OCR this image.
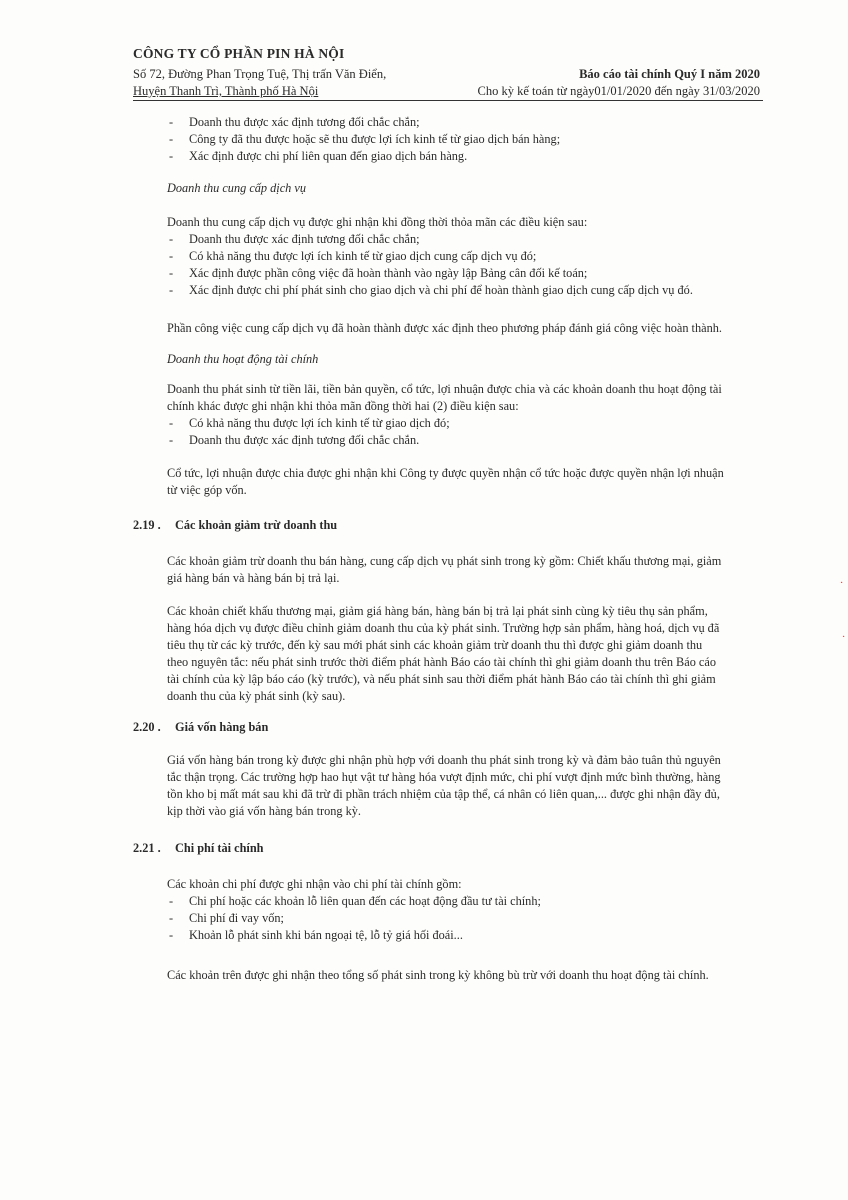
CÔNG TY CỔ PHẦN PIN HÀ NỘI
Số 72, Đường Phan Trọng Tuệ, Thị trấn Văn Điển,
Huyện Thanh Trì, Thành phố Hà Nội
Báo cáo tài chính Quý I năm 2020
Cho kỳ kế toán từ ngày01/01/2020 đến ngày 31/03/2020
- Doanh thu được xác định tương đối chắc chắn;
- Công ty đã thu được hoặc sẽ thu được lợi ích kinh tế từ giao dịch bán hàng;
- Xác định được chi phí liên quan đến giao dịch bán hàng.
Doanh thu cung cấp dịch vụ

Doanh thu cung cấp dịch vụ được ghi nhận khi đồng thời thỏa mãn các điều kiện sau:

- Doanh thu được xác định tương đối chắc chắn;
- Có khả năng thu được lợi ích kinh tế từ giao dịch cung cấp dịch vụ đó;
- Xác định được phần công việc đã hoàn thành vào ngày lập Bảng cân đối kế toán;
- Xác định được chi phí phát sinh cho giao dịch và chi phí để hoàn thành giao dịch cung cấp dịch vụ đó.
Phần công việc cung cấp dịch vụ đã hoàn thành được xác định theo phương pháp đánh giá công việc hoàn thành.
Doanh thu hoạt động tài chính

Doanh thu phát sinh từ tiền lãi, tiền bản quyền, cổ tức, lợi nhuận được chia và các khoản doanh thu hoạt động tài

chính khác được ghi nhận khi thỏa mãn đồng thời hai (2) điều kiện sau:

- Có khả năng thu được lợi ích kinh tế từ giao dịch đó;
- Doanh thu được xác định tương đối chắc chắn.

Cổ tức, lợi nhuận được chia được ghi nhận khi Công ty được quyền nhận cổ tức hoặc được quyền nhận lợi nhuận

từ việc góp vốn.

2.19 . Các khoản giảm trừ doanh thu

Các khoản giảm trừ doanh thu bán hàng, cung cấp dịch vụ phát sinh trong kỳ gồm: Chiết khấu thương mại, giảm

giá hàng bán và hàng bán bị trả lại.

Các khoản chiết khấu thương mại, giảm giá hàng bán, hàng bán bị trả lại phát sinh cùng kỳ tiêu thụ sản phẩm,

hàng hóa dịch vụ được điều chỉnh giảm doanh thu của kỳ phát sinh. Trường hợp sản phẩm, hàng hoá, dịch vụ đã

tiêu thụ từ các kỳ trước, đến kỳ sau mới phát sinh các khoản giảm trừ doanh thu thì được ghi giảm doanh thu

theo nguyên tắc: nếu phát sinh trước thời điểm phát hành Báo cáo tài chính thì ghi giảm doanh thu trên Báo cáo

tài chính của kỳ lập báo cáo (kỳ trước), và nếu phát sinh sau thời điểm phát hành Báo cáo tài chính thì ghi giảm

doanh thu của kỳ phát sinh (kỳ sau).

2.20 . Giá vốn hàng bán

Giá vốn hàng bán trong kỳ được ghi nhận phù hợp với doanh thu phát sinh trong kỳ và đảm bảo tuân thủ nguyên

tắc thận trọng. Các trường hợp hao hụt vật tư hàng hóa vượt định mức, chi phí vượt định mức bình thường, hàng

tồn kho bị mất mát sau khi đã trừ đi phần trách nhiệm của tập thể, cá nhân có liên quan,... được ghi nhận đầy đủ,

kịp thời vào giá vốn hàng bán trong kỳ.

2.21 . Chi phí tài chính

Các khoản chi phí được ghi nhận vào chi phí tài chính gồm:

- Chi phí hoặc các khoản lỗ liên quan đến các hoạt động đầu tư tài chính;
- Chi phí đi vay vốn;
- Khoản lỗ phát sinh khi bán ngoại tệ, lỗ tỷ giá hối đoái...
Các khoản trên được ghi nhận theo tổng số phát sinh trong kỳ không bù trừ với doanh thu hoạt động tài chính.
·
·
